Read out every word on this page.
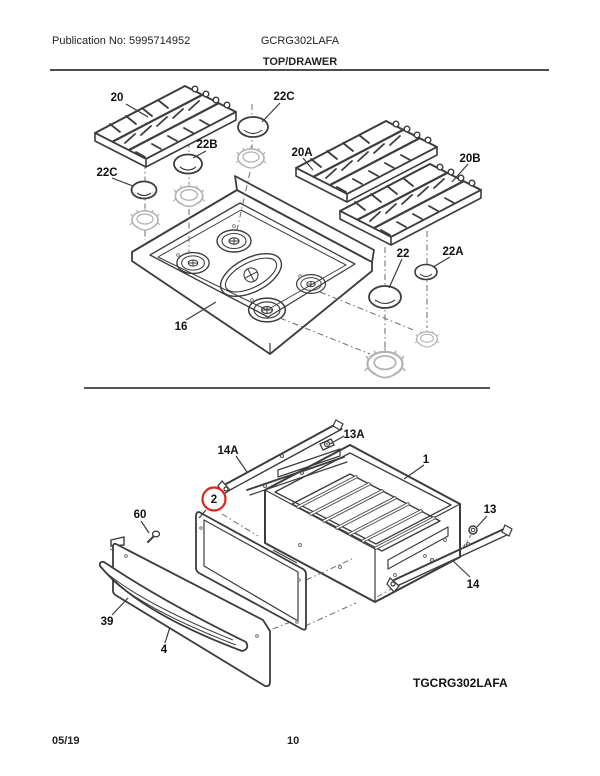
Publication No: 5995714952	GCRG302LAFA
TOP/DRAWER
20	22C
22B
20A	20B
22C
16
22	22A
14A
13A
1
2
60	13
14
39
4
TGCRG302LAFA
05/19	10
